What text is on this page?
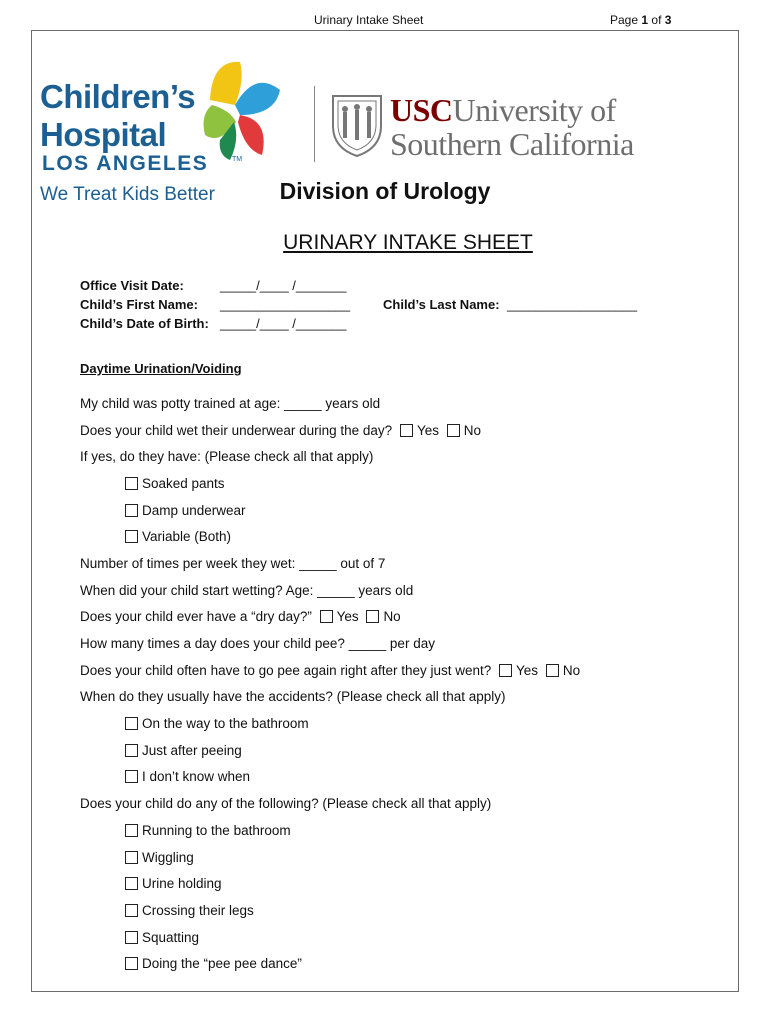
Urinary Intake Sheet	Page 1 of 3
Children’s
Hospital
LOS ANGELES	TM
We Treat Kids Better
USCUniversity of
Southern California
Division of Urology
URINARY INTAKE SHEET
Office Visit Date:	_____/____ /_______
Child’s First Name: __________________	Child’s Last Name: __________________
Child’s Date of Birth: _____/____ /_______
Daytime Urination/Voiding
My child was potty trained at age: _____ years old
Does your child wet their underwear during the day? Yes No
If yes, do they have: (Please check all that apply)
Soaked pants
Damp underwear
Variable (Both)
Number of times per week they wet: _____ out of 7
When did your child start wetting? Age: _____ years old
Does your child ever have a “dry day?” Yes No
How many times a day does your child pee? _____ per day
Does your child often have to go pee again right after they just went? Yes No
When do they usually have the accidents? (Please check all that apply)
On the way to the bathroom
Just after peeing
I don’t know when
Does your child do any of the following? (Please check all that apply)
Running to the bathroom
Wiggling
Urine holding
Crossing their legs
Squatting
Doing the “pee pee dance”
